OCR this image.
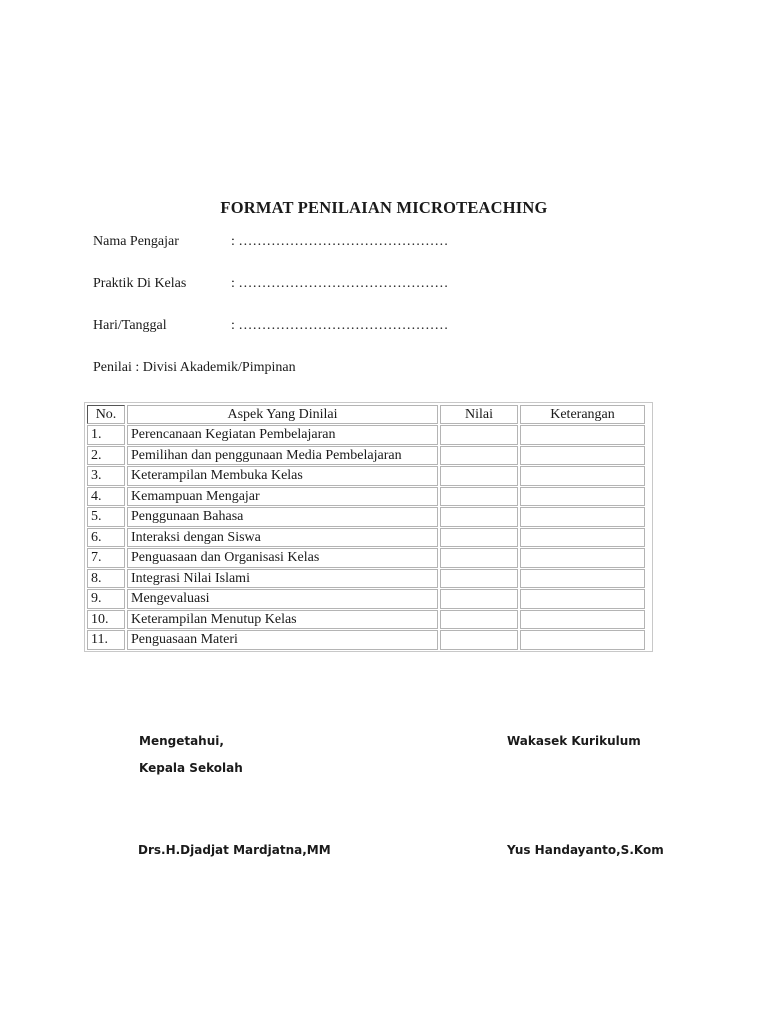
FORMAT PENILAIAN MICROTEACHING
Nama Pengajar	: ………………………………………
Praktik Di Kelas	: ………………………………………
Hari/Tanggal	: ………………………………………
Penilai : Divisi Akademik/Pimpinan
No.	Aspek Yang Dinilai	Nilai	Keterangan
1.	Perencanaan Kegiatan Pembelajaran
2.	Pemilihan dan penggunaan Media Pembelajaran
3.	Keterampilan Membuka Kelas
4.	Kemampuan Mengajar
5.	Penggunaan Bahasa
6.	Interaksi dengan Siswa
7.	Penguasaan dan Organisasi Kelas
8.	Integrasi Nilai Islami
9.	Mengevaluasi
10.	Keterampilan Menutup Kelas
11.	Penguasaan Materi
Mengetahui,
Kepala Sekolah
Wakasek Kurikulum
Drs.H.Djadjat Mardjatna,MM	Yus Handayanto,S.Kom
